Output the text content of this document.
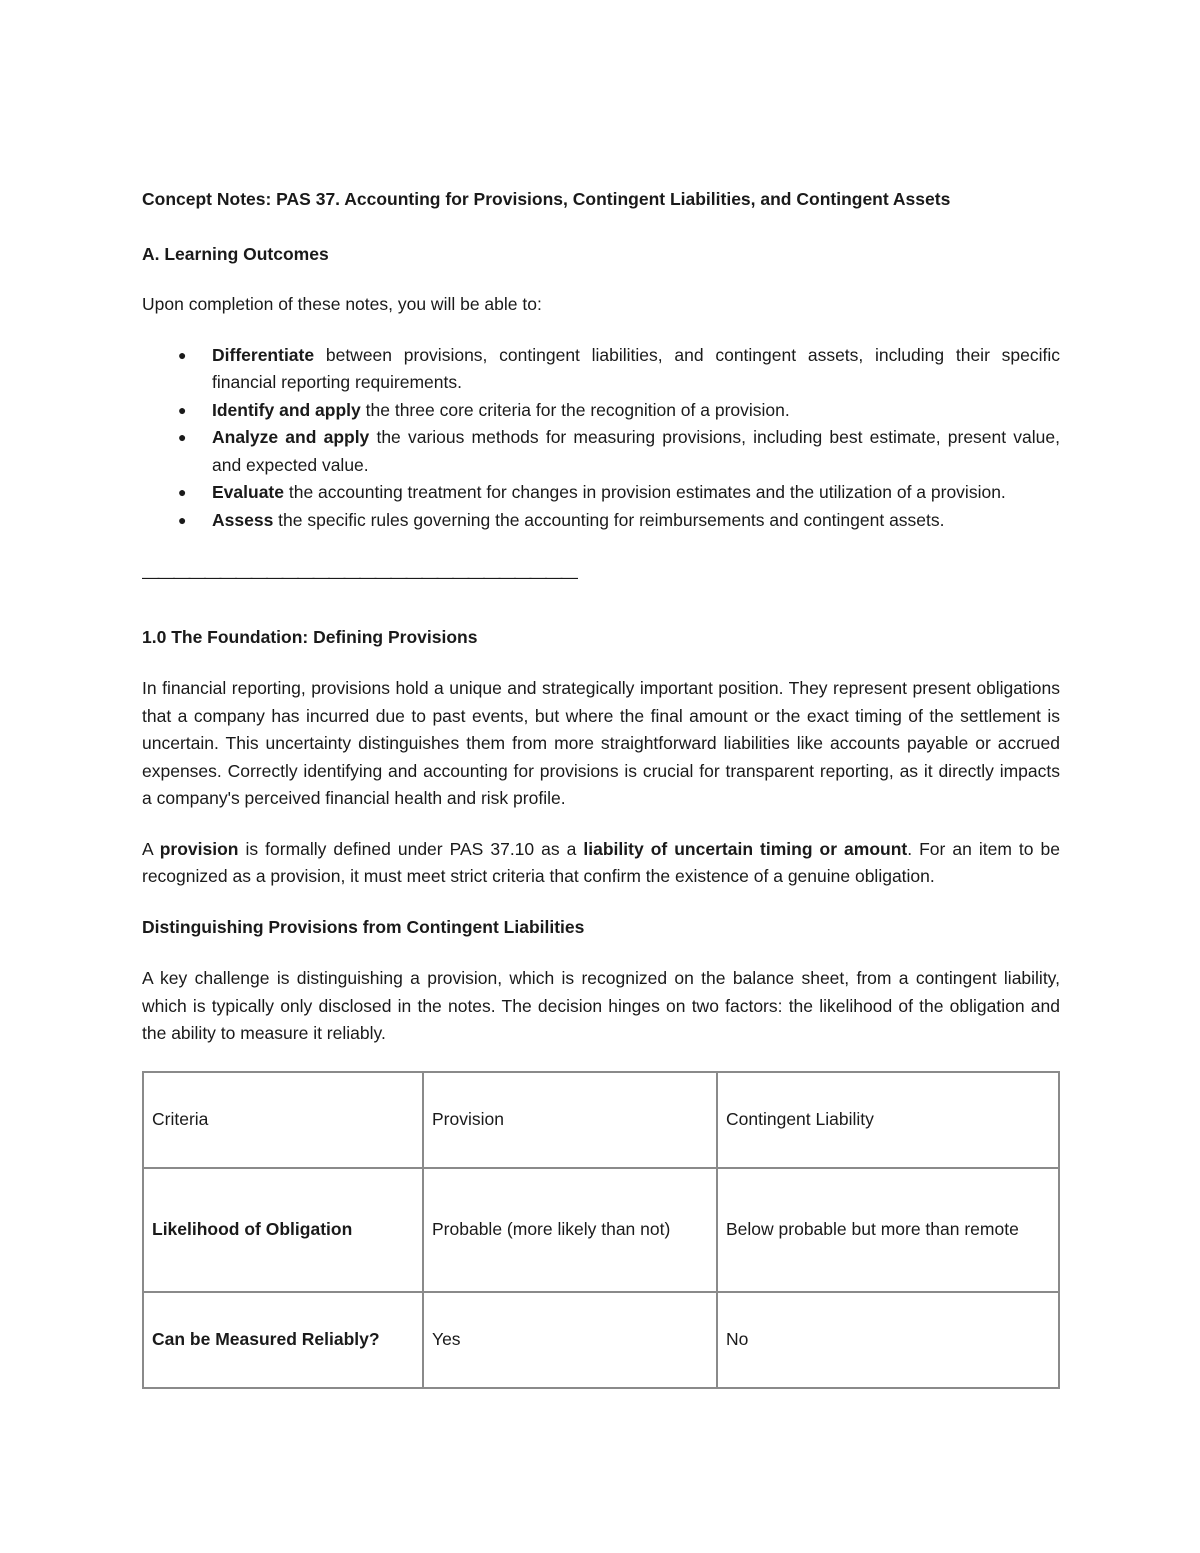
Concept Notes: PAS 37. Accounting for Provisions, Contingent Liabilities, and Contingent Assets

A. Learning Outcomes

Upon completion of these notes, you will be able to:

● Differentiate between provisions, contingent liabilities, and contingent assets, including their specific financial reporting requirements.
● Identify and apply the three core criteria for the recognition of a provision.
● Analyze and apply the various methods for measuring provisions, including best estimate, present value, and expected value.
● Evaluate the accounting treatment for changes in provision estimates and the utilization of a provision.
● Assess the specific rules governing the accounting for reimbursements and contingent assets.

————————————————————————————

1.0 The Foundation: Defining Provisions

In financial reporting, provisions hold a unique and strategically important position. They represent present obligations that a company has incurred due to past events, but where the final amount or the exact timing of the settlement is uncertain. This uncertainty distinguishes them from more straightforward liabilities like accounts payable or accrued expenses. Correctly identifying and accounting for provisions is crucial for transparent reporting, as it directly impacts a company's perceived financial health and risk profile.

A provision is formally defined under PAS 37.10 as a liability of uncertain timing or amount. For an item to be recognized as a provision, it must meet strict criteria that confirm the existence of a genuine obligation.

Distinguishing Provisions from Contingent Liabilities

A key challenge is distinguishing a provision, which is recognized on the balance sheet, from a contingent liability, which is typically only disclosed in the notes. The decision hinges on two factors: the likelihood of the obligation and the ability to measure it reliably.

Criteria	Provision	Contingent Liability
Likelihood of Obligation	Probable (more likely than not)	Below probable but more than remote
Can be Measured Reliably?	Yes	No
